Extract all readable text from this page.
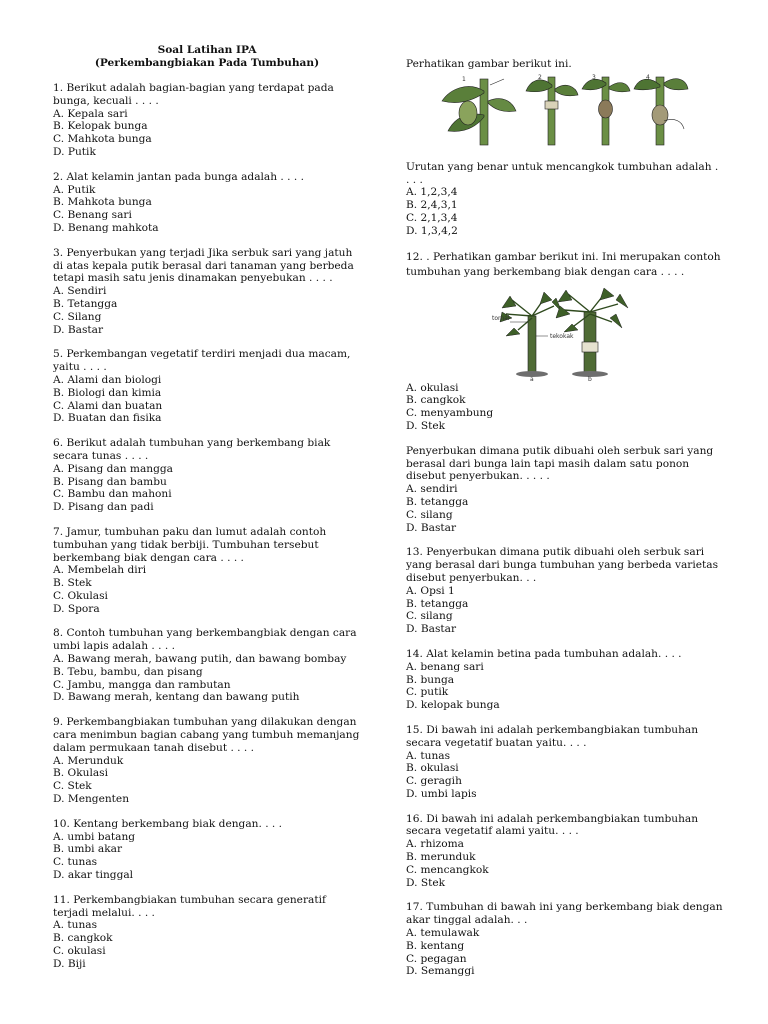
Soal Latihan IPA
(Perkembangbiakan Pada Tumbuhan)
1. Berikut adalah bagian-bagian yang terdapat pada bunga, kecuali . . . .
A. Kepala sari
B. Kelopak bunga
C. Mahkota bunga
D. Putik
2. Alat kelamin jantan pada bunga adalah . . . .
A. Putik
B. Mahkota bunga
C. Benang sari
D. Benang mahkota
3. Penyerbukan yang terjadi Jika serbuk sari yang jatuh di atas kepala putik berasal dari tanaman yang berbeda tetapi masih satu jenis dinamakan penyebukan . . . .
A. Sendiri
B. Tetangga
C. Silang
D. Bastar
5. Perkembangan vegetatif terdiri menjadi dua macam, yaitu . . . .
A. Alami dan biologi
B. Biologi dan kimia
C. Alami dan buatan
D. Buatan dan fisika
6. Berikut adalah tumbuhan yang berkembang biak secara tunas . . . .
A. Pisang dan mangga
B. Pisang dan bambu
C. Bambu dan mahoni
D. Pisang dan padi
7. Jamur, tumbuhan paku dan lumut adalah contoh tumbuhan yang tidak berbiji. Tumbuhan tersebut berkembang biak dengan cara . . . .
A. Membelah diri
B. Stek
C. Okulasi
D. Spora
8. Contoh tumbuhan yang berkembangbiak dengan cara umbi lapis adalah . . . .
A. Bawang merah, bawang putih, dan bawang bombay
B. Tebu, bambu, dan pisang
C. Jambu, mangga dan rambutan
D. Bawang merah, kentang dan bawang putih
9. Perkembangbiakan tumbuhan yang dilakukan dengan cara menimbun bagian cabang yang tumbuh memanjang dalam permukaan tanah disebut . . . .
A. Merunduk
B. Okulasi
C. Stek
D. Mengenten
10. Kentang berkembang biak dengan. . . .
A. umbi batang
B. umbi akar
C. tunas
D. akar tinggal
11. Perkembangbiakan tumbuhan secara generatif terjadi melalui. . . .
A. tunas
B. cangkok
C. okulasi
D. Biji
Perhatikan gambar berikut ini.
1	2	3	4
Urutan yang benar untuk mencangkok tumbuhan adalah . . . .
A. 1,2,3,4
B. 2,4,3,1
C. 2,1,3,4
D. 1,3,4,2
12. . Perhatikan gambar berikut ini. Ini merupakan contoh tumbuhan yang berkembang biak dengan cara . . . .
tornal
tekokak
a	b
A. okulasi
B. cangkok
C. menyambung
D. Stek
Penyerbukan dimana putik dibuahi oleh serbuk sari yang berasal dari bunga lain tapi masih dalam satu ponon disebut penyerbukan. . . . .
A. sendiri
B. tetangga
C. silang
D. Bastar
13. Penyerbukan dimana putik dibuahi oleh serbuk sari yang berasal dari bunga tumbuhan yang berbeda varietas disebut penyerbukan. . .
A. Opsi 1
B. tetangga
C. silang
D. Bastar
14. Alat kelamin betina pada tumbuhan adalah. . . .
A. benang sari
B. bunga
C. putik
D. kelopak bunga
15. Di bawah ini adalah perkembangbiakan tumbuhan secara vegetatif buatan yaitu. . . .
A. tunas
B. okulasi
C. geragih
D. umbi lapis
16. Di bawah ini adalah perkembangbiakan tumbuhan secara vegetatif alami yaitu. . . .
A. rhizoma
B. merunduk
C. mencangkok
D. Stek
17. Tumbuhan di bawah ini yang berkembang biak dengan akar tinggal adalah. . .
A. temulawak
B. kentang
C. pegagan
D. Semanggi
